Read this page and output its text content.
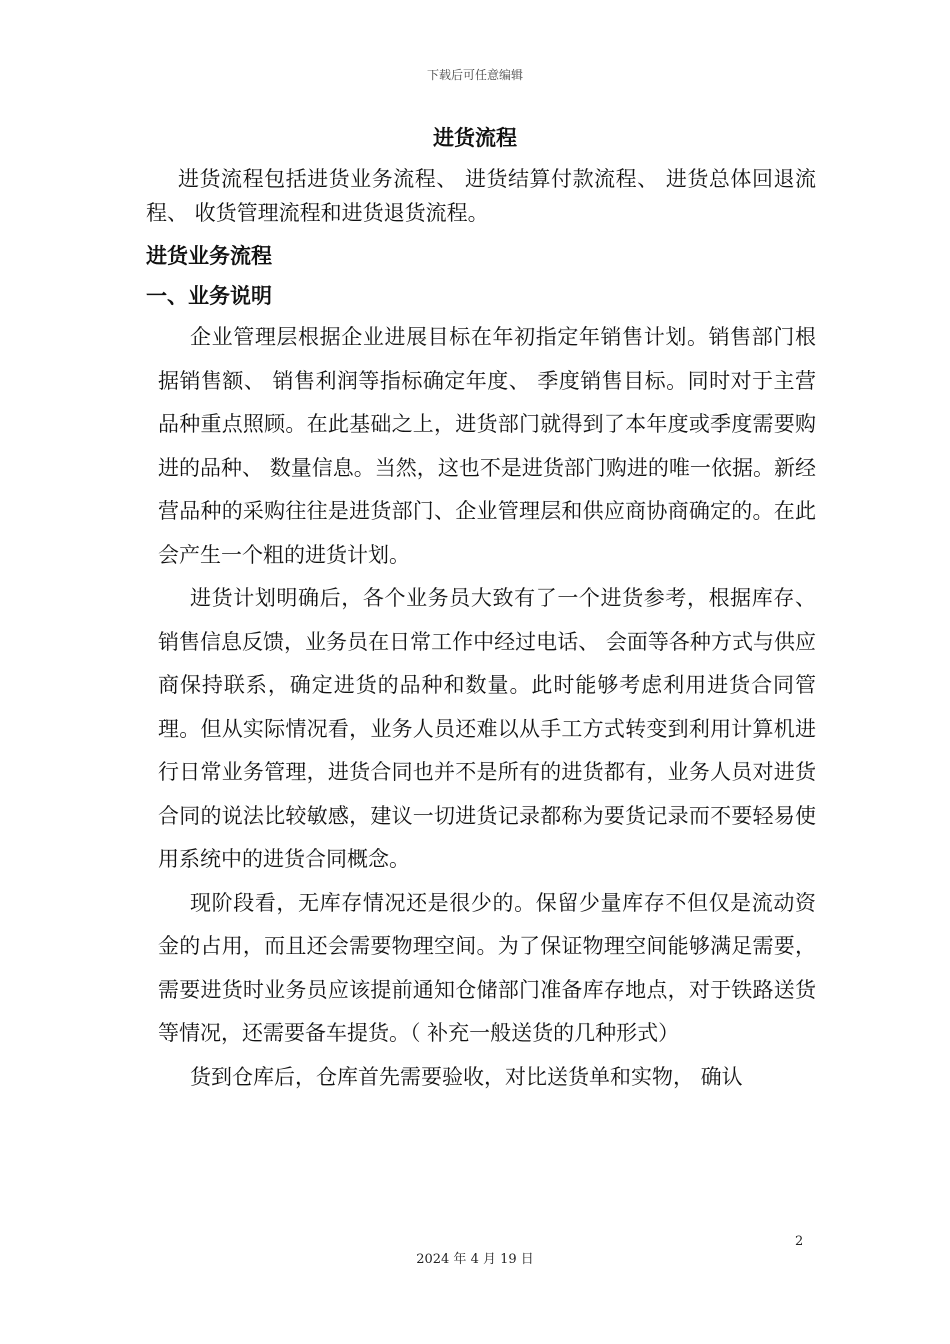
下载后可任意编辑
进货流程

进货流程包括进货业务流程、 进货结算付款流程、 进货总体回退流程、 收货管理流程和进货退货流程。

进货业务流程

一、业务说明

企业管理层根据企业进展目标在年初指定年销售计划。销售部门根据销售额、 销售利润等指标确定年度、 季度销售目标。同时对于主营品种重点照顾。在此基础之上，进货部门就得到了本年度或季度需要购进的品种、 数量信息。当然，这也不是进货部门购进的唯一依据。新经营品种的采购往往是进货部门、企业管理层和供应商协商确定的。在此会产生一个粗的进货计划。

进货计划明确后，各个业务员大致有了一个进货参考，根据库存、 销售信息反馈，业务员在日常工作中经过电话、 会面等各种方式与供应商保持联系，确定进货的品种和数量。此时能够考虑利用进货合同管理。但从实际情况看，业务人员还难以从手工方式转变到利用计算机进行日常业务管理，进货合同也并不是所有的进货都有，业务人员对进货合同的说法比较敏感，建议一切进货记录都称为要货记录而不要轻易使用系统中的进货合同概念。

现阶段看，无库存情况还是很少的。保留少量库存不但仅是流动资金的占用，而且还会需要物理空间。为了保证物理空间能够满足需要，需要进货时业务员应该提前通知仓储部门准备库存地点，对于铁路送货等情况，还需要备车提货。（ 补充一般送货的几种形式）

货到仓库后，仓库首先需要验收，对比送货单和实物， 确认

2
2024 年 4 月 19 日
